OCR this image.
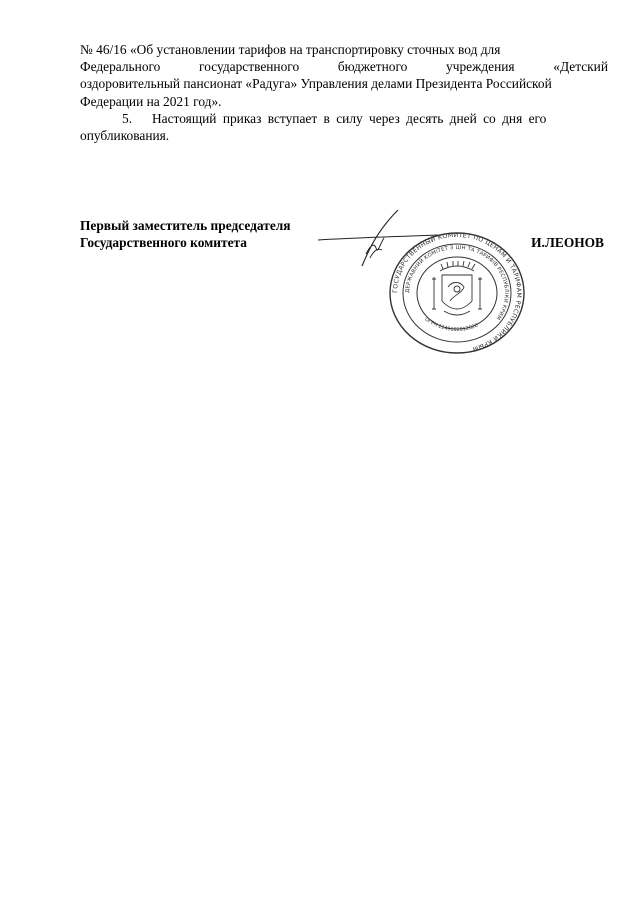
№ 46/16 «Об установлении тарифов на транспортировку сточных вод для
Федерального государственного бюджетного учреждения «Детский
оздоровительный пансионат «Радуга» Управления делами Президента Российской
Федерации на 2021 год».

5. Настоящий приказ вступает в силу через десять дней со дня его
опубликования.

Первый заместитель председателя
Государственного комитета	И.ЛЕОНОВ

ГОСУДАРСТВЕННЫЙ КОМИТЕТ ПО ЦЕНАМ И ТАРИФАМ РЕСПУБЛИКИ КРЫМ
ДЕРЖАВНИЙ КОМІТЕТ З ЦІН ТА ТАРИФІВ РЕСПУБЛІКИ КРИМ
ОГРН 1149102012620
